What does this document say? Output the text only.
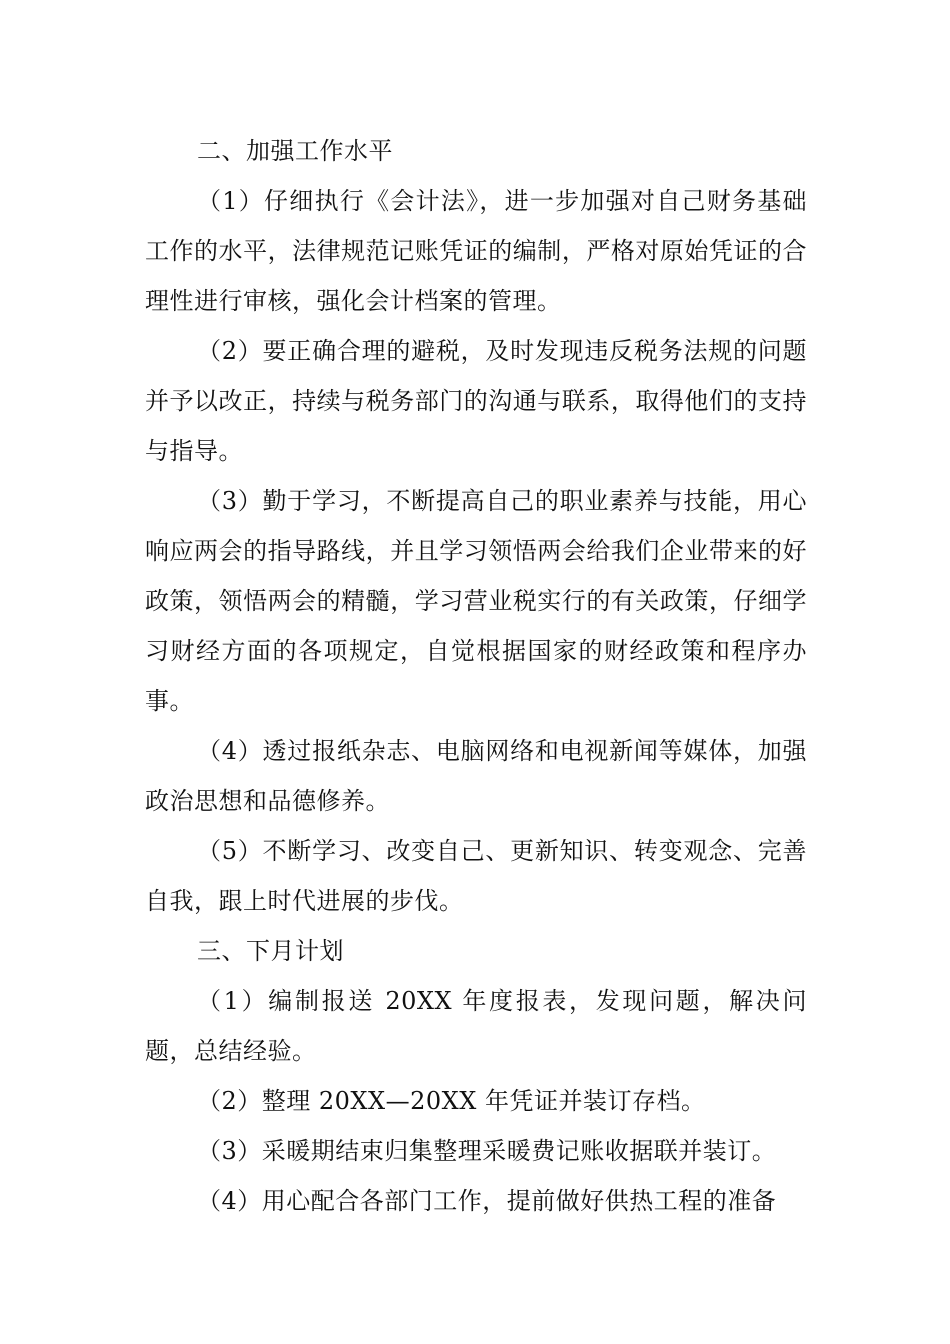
二、加强工作水平

（1）仔细执行《会计法》，进一步加强对自己财务基础工作的水平，法律规范记账凭证的编制，严格对原始凭证的合理性进行审核，强化会计档案的管理。

（2）要正确合理的避税，及时发现违反税务法规的问题并予以改正，持续与税务部门的沟通与联系，取得他们的支持与指导。

（3）勤于学习，不断提高自己的职业素养与技能，用心响应两会的指导路线，并且学习领悟两会给我们企业带来的好政策，领悟两会的精髓，学习营业税实行的有关政策，仔细学习财经方面的各项规定，自觉根据国家的财经政策和程序办事。

（4）透过报纸杂志、电脑网络和电视新闻等媒体，加强政治思想和品德修养。

（5）不断学习、改变自己、更新知识、转变观念、完善自我，跟上时代进展的步伐。

三、下月计划

（1）编制报送 20XX 年度报表，发现问题，解决问题，总结经验。

（2）整理 20XX—20XX 年凭证并装订存档。

（3）采暖期结束归集整理采暖费记账收据联并装订。

（4）用心配合各部门工作，提前做好供热工程的准备
